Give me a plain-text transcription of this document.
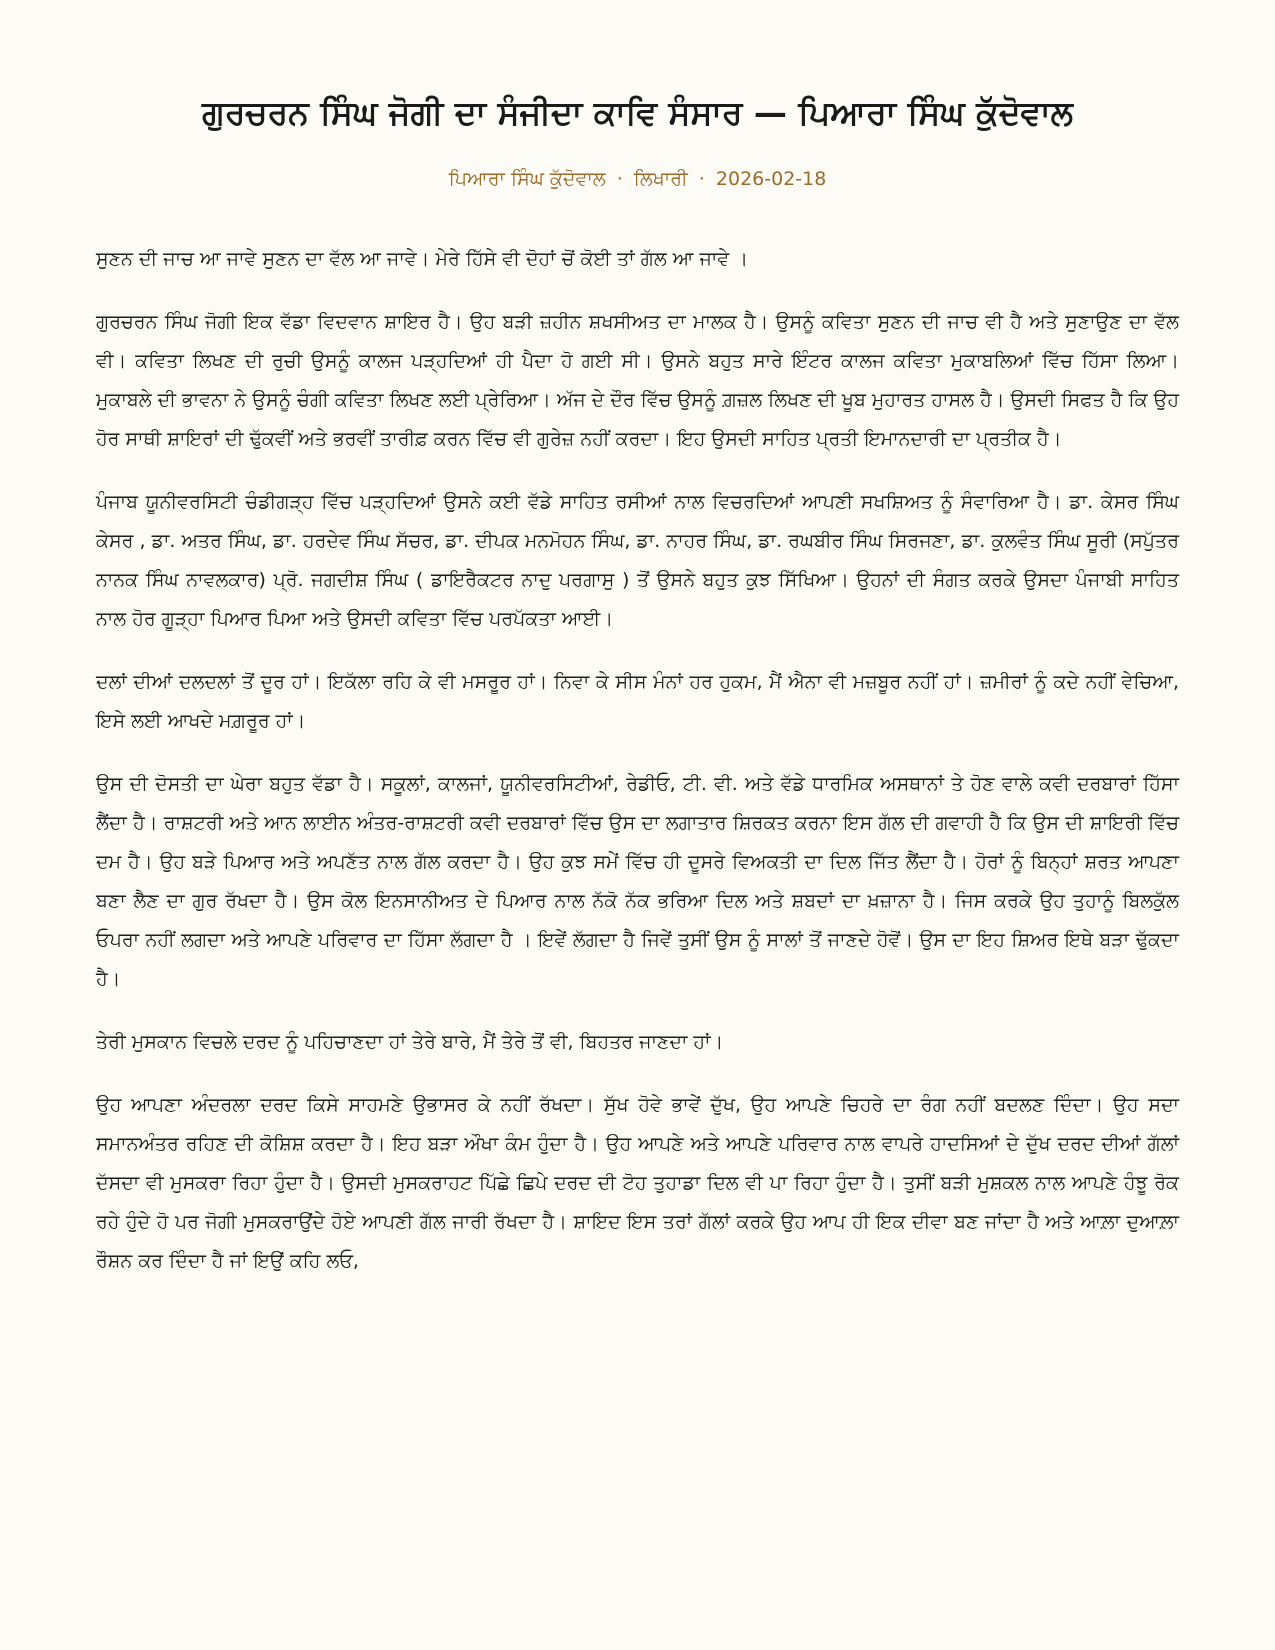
ਗੁਰਚਰਨ ਸਿੰਘ ਜੋਗੀ ਦਾ ਸੰਜੀਦਾ ਕਾਵਿ ਸੰਸਾਰ — ਪਿਆਰਾ ਸਿੰਘ ਕੁੱਦੋਵਾਲ
ਪਿਆਰਾ ਸਿੰਘ ਕੁੱਦੋਵਾਲ · ਲਿਖਾਰੀ · 2026-02-18

ਸੁਣਨ ਦੀ ਜਾਚ ਆ ਜਾਵੇ ਸੁਣਨ ਦਾ ਵੱਲ ਆ ਜਾਵੇ। ਮੇਰੇ ਹਿੱਸੇ ਵੀ ਦੋਹਾਂ ਚੋਂ ਕੋਈ ਤਾਂ ਗੱਲ ਆ ਜਾਵੇ ।

ਗੁਰਚਰਨ ਸਿੰਘ ਜੋਗੀ ਇਕ ਵੱਡਾ ਵਿਦਵਾਨ ਸ਼ਾਇਰ ਹੈ। ਉਹ ਬੜੀ ਜ਼ਹੀਨ ਸ਼ਖਸੀਅਤ ਦਾ ਮਾਲਕ ਹੈ। ਉਸਨੂੰ ਕਵਿਤਾ ਸੁਣਨ ਦੀ ਜਾਚ ਵੀ ਹੈ ਅਤੇ ਸੁਣਾਉਣ ਦਾ ਵੱਲ ਵੀ। ਕਵਿਤਾ ਲਿਖਣ ਦੀ ਰੁਚੀ ਉਸਨੂੰ ਕਾਲਜ ਪੜ੍ਹਦਿਆਂ ਹੀ ਪੈਦਾ ਹੋ ਗਈ ਸੀ। ਉਸਨੇ ਬਹੁਤ ਸਾਰੇ ਇੰਟਰ ਕਾਲਜ ਕਵਿਤਾ ਮੁਕਾਬਲਿਆਂ ਵਿੱਚ ਹਿੱਸਾ ਲਿਆ। ਮੁਕਾਬਲੇ ਦੀ ਭਾਵਨਾ ਨੇ ਉਸਨੂੰ ਚੰਗੀ ਕਵਿਤਾ ਲਿਖਣ ਲਈ ਪ੍ਰੇਰਿਆ। ਅੱਜ ਦੇ ਦੌਰ ਵਿੱਚ ਉਸਨੂੰ ਗ਼ਜ਼ਲ ਲਿਖਣ ਦੀ ਖੂਬ ਮੁਹਾਰਤ ਹਾਸਲ ਹੈ। ਉਸਦੀ ਸਿਫਤ ਹੈ ਕਿ ਉਹ ਹੋਰ ਸਾਥੀ ਸ਼ਾਇਰਾਂ ਦੀ ਢੁੱਕਵੀਂ ਅਤੇ ਭਰਵੀਂ ਤਾਰੀਫ਼ ਕਰਨ ਵਿੱਚ ਵੀ ਗੁਰੇਜ਼ ਨਹੀਂ ਕਰਦਾ। ਇਹ ਉਸਦੀ ਸਾਹਿਤ ਪ੍ਰਤੀ ਇਮਾਨਦਾਰੀ ਦਾ ਪ੍ਰਤੀਕ ਹੈ।

ਪੰਜਾਬ ਯੂਨੀਵਰਸਿਟੀ ਚੰਡੀਗੜ੍ਹ ਵਿੱਚ ਪੜ੍ਹਦਿਆਂ ਉਸਨੇ ਕਈ ਵੱਡੇ ਸਾਹਿਤ ਰਸੀਆਂ ਨਾਲ ਵਿਚਰਦਿਆਂ ਆਪਣੀ ਸਖਸ਼ਿਅਤ ਨੂੰ ਸੰਵਾਰਿਆ ਹੈ। ਡਾ. ਕੇਸਰ ਸਿੰਘ ਕੇਸਰ , ਡਾ. ਅਤਰ ਸਿੰਘ, ਡਾ. ਹਰਦੇਵ ਸਿੰਘ ਸੱਚਰ, ਡਾ. ਦੀਪਕ ਮਨਮੋਹਨ ਸਿੰਘ, ਡਾ. ਨਾਹਰ ਸਿੰਘ, ਡਾ. ਰਘਬੀਰ ਸਿੰਘ ਸਿਰਜਣਾ, ਡਾ. ਕੁਲਵੰਤ ਸਿੰਘ ਸੂਰੀ (ਸਪੁੱਤਰ ਨਾਨਕ ਸਿੰਘ ਨਾਵਲਕਾਰ) ਪ੍ਰੋ. ਜਗਦੀਸ਼ ਸਿੰਘ ( ਡਾਇਰੈਕਟਰ ਨਾਦੁ ਪਰਗਾਸੁ ) ਤੋਂ ਉਸਨੇ ਬਹੁਤ ਕੁਝ ਸਿੱਖਿਆ। ਉਹਨਾਂ ਦੀ ਸੰਗਤ ਕਰਕੇ ਉਸਦਾ ਪੰਜਾਬੀ ਸਾਹਿਤ ਨਾਲ ਹੋਰ ਗੂੜ੍ਹਾ ਪਿਆਰ ਪਿਆ ਅਤੇ ਉਸਦੀ ਕਵਿਤਾ ਵਿੱਚ ਪਰਪੱਕਤਾ ਆਈ।

ਦਲਾਂ ਦੀਆਂ ਦਲਦਲਾਂ ਤੋਂ ਦੂਰ ਹਾਂ। ਇਕੱਲਾ ਰਹਿ ਕੇ ਵੀ ਮਸਰੂਰ ਹਾਂ। ਨਿਵਾ ਕੇ ਸੀਸ ਮੰਨਾਂ ਹਰ ਹੁਕਮ, ਮੈਂ ਐਨਾ ਵੀ ਮਜ਼ਬੂਰ ਨਹੀਂ ਹਾਂ। ਜ਼ਮੀਰਾਂ ਨੂੰ ਕਦੇ ਨਹੀਂ ਵੇਚਿਆ, ਇਸੇ ਲਈ ਆਖਦੇ ਮਗ਼ਰੂਰ ਹਾਂ।

ਉਸ ਦੀ ਦੋਸਤੀ ਦਾ ਘੇਰਾ ਬਹੁਤ ਵੱਡਾ ਹੈ। ਸਕੂਲਾਂ, ਕਾਲਜਾਂ, ਯੂਨੀਵਰਸਿਟੀਆਂ, ਰੇਡੀਓ, ਟੀ. ਵੀ. ਅਤੇ ਵੱਡੇ ਧਾਰਮਿਕ ਅਸਥਾਨਾਂ ਤੇ ਹੋਣ ਵਾਲੇ ਕਵੀ ਦਰਬਾਰਾਂ ਹਿੱਸਾ ਲੈਂਦਾ ਹੈ। ਰਾਸ਼ਟਰੀ ਅਤੇ ਆਨ ਲਾਈਨ ਅੰਤਰ-ਰਾਸ਼ਟਰੀ ਕਵੀ ਦਰਬਾਰਾਂ ਵਿੱਚ ਉਸ ਦਾ ਲਗਾਤਾਰ ਸ਼ਿਰਕਤ ਕਰਨਾ ਇਸ ਗੱਲ ਦੀ ਗਵਾਹੀ ਹੈ ਕਿ ਉਸ ਦੀ ਸ਼ਾਇਰੀ ਵਿੱਚ ਦਮ ਹੈ। ਉਹ ਬੜੇ ਪਿਆਰ ਅਤੇ ਅਪਣੱਤ ਨਾਲ ਗੱਲ ਕਰਦਾ ਹੈ। ਉਹ ਕੁਝ ਸਮੇਂ ਵਿੱਚ ਹੀ ਦੂਸਰੇ ਵਿਅਕਤੀ ਦਾ ਦਿਲ ਜਿੱਤ ਲੈਂਦਾ ਹੈ। ਹੋਰਾਂ ਨੂੰ ਬਿਨ੍ਹਾਂ ਸ਼ਰਤ ਆਪਣਾ ਬਣਾ ਲੈਣ ਦਾ ਗੁਰ ਰੱਖਦਾ ਹੈ। ਉਸ ਕੋਲ ਇਨਸਾਨੀਅਤ ਦੇ ਪਿਆਰ ਨਾਲ ਨੱਕੋ ਨੱਕ ਭਰਿਆ ਦਿਲ ਅਤੇ ਸ਼ਬਦਾਂ ਦਾ ਖ਼ਜ਼ਾਨਾ ਹੈ। ਜਿਸ ਕਰਕੇ ਉਹ ਤੁਹਾਨੂੰ ਬਿਲਕੁੱਲ ਓਪਰਾ ਨਹੀਂ ਲਗਦਾ ਅਤੇ ਆਪਣੇ ਪਰਿਵਾਰ ਦਾ ਹਿੱਸਾ ਲੱਗਦਾ ਹੈ । ਇਵੇਂ ਲੱਗਦਾ ਹੈ ਜਿਵੇਂ ਤੁਸੀਂ ਉਸ ਨੂੰ ਸਾਲਾਂ ਤੋਂ ਜਾਣਦੇ ਹੋਵੋਂ। ਉਸ ਦਾ ਇਹ ਸ਼ਿਅਰ ਇਥੇ ਬੜਾ ਢੁੱਕਦਾ ਹੈ।

ਤੇਰੀ ਮੁਸਕਾਨ ਵਿਚਲੇ ਦਰਦ ਨੂੰ ਪਹਿਚਾਣਦਾ ਹਾਂ ਤੇਰੇ ਬਾਰੇ, ਮੈਂ ਤੇਰੇ ਤੋਂ ਵੀ, ਬਿਹਤਰ ਜਾਣਦਾ ਹਾਂ।

ਉਹ ਆਪਣਾ ਅੰਦਰਲਾ ਦਰਦ ਕਿਸੇ ਸਾਹਮਣੇ ਉਭਾਸਰ ਕੇ ਨਹੀਂ ਰੱਖਦਾ। ਸੁੱਖ ਹੋਵੇ ਭਾਵੇਂ ਦੁੱਖ, ਉਹ ਆਪਣੇ ਚਿਹਰੇ ਦਾ ਰੰਗ ਨਹੀਂ ਬਦਲਣ ਦਿੰਦਾ। ਉਹ ਸਦਾ ਸਮਾਨਅੰਤਰ ਰਹਿਣ ਦੀ ਕੋਸ਼ਿਸ਼ ਕਰਦਾ ਹੈ। ਇਹ ਬੜਾ ਔਖਾ ਕੰਮ ਹੁੰਦਾ ਹੈ। ਉਹ ਆਪਣੇ ਅਤੇ ਆਪਣੇ ਪਰਿਵਾਰ ਨਾਲ ਵਾਪਰੇ ਹਾਦਸਿਆਂ ਦੇ ਦੁੱਖ ਦਰਦ ਦੀਆਂ ਗੱਲਾਂ ਦੱਸਦਾ ਵੀ ਮੁਸਕਰਾ ਰਿਹਾ ਹੁੰਦਾ ਹੈ। ਉਸਦੀ ਮੁਸਕਰਾਹਟ ਪਿੱਛੇ ਛਿਪੇ ਦਰਦ ਦੀ ਟੋਹ ਤੁਹਾਡਾ ਦਿਲ ਵੀ ਪਾ ਰਿਹਾ ਹੁੰਦਾ ਹੈ। ਤੁਸੀਂ ਬੜੀ ਮੁਸ਼ਕਲ ਨਾਲ ਆਪਣੇ ਹੰਝੂ ਰੋਕ ਰਹੇ ਹੁੰਦੇ ਹੋ ਪਰ ਜੋਗੀ ਮੁਸਕਰਾਉਂਦੇ ਹੋਏ ਆਪਣੀ ਗੱਲ ਜਾਰੀ ਰੱਖਦਾ ਹੈ। ਸ਼ਾਇਦ ਇਸ ਤਰਾਂ ਗੱਲਾਂ ਕਰਕੇ ਉਹ ਆਪ ਹੀ ਇਕ ਦੀਵਾ ਬਣ ਜਾਂਦਾ ਹੈ ਅਤੇ ਆਲ਼ਾ ਦੁਆਲ਼ਾ ਰੌਸ਼ਨ ਕਰ ਦਿੰਦਾ ਹੈ ਜਾਂ ਇਉਂ ਕਹਿ ਲਓ,
